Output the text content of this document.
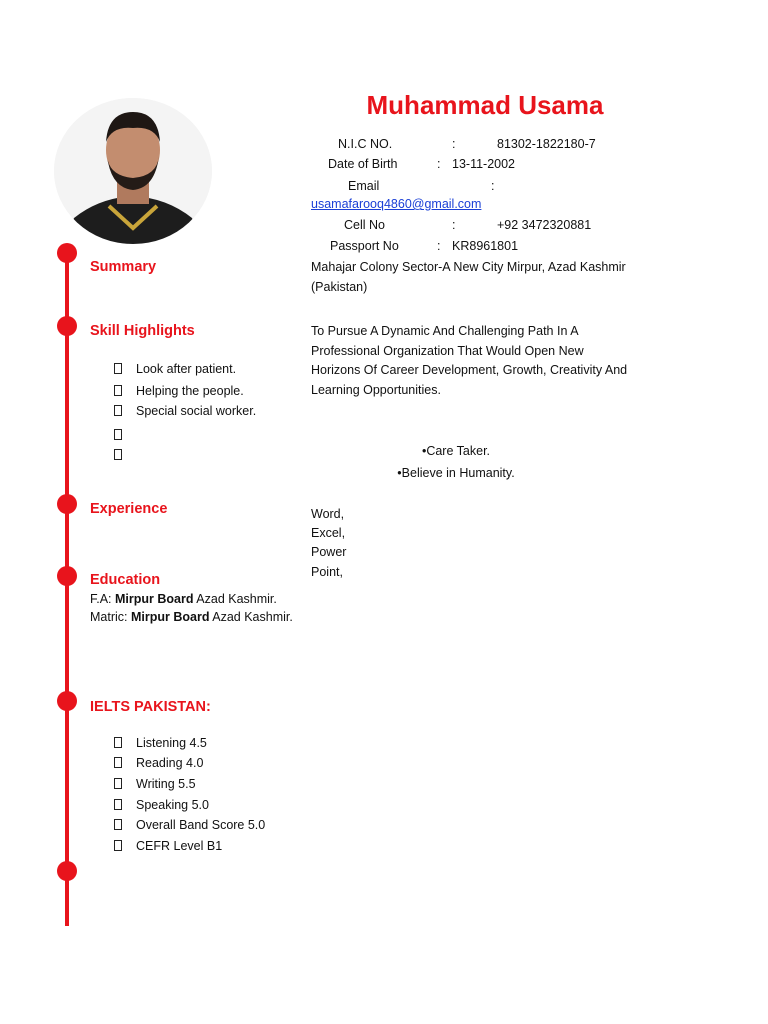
Muhammad Usama
N.I.C NO.	:	81302-1822180-7
Date of Birth	: 13-11-2002
Email	:
usamafarooq4860@gmail.com
Cell No	:	+92 3472320881
Passport No	: KR8961801
Mahajar Colony Sector-A New City Mirpur, Azad Kashmir
(Pakistan)
Summary
Skill Highlights
Experience
Education
IELTS PAKISTAN:
To Pursue A Dynamic And Challenging Path In A
Professional Organization That Would Open New
Horizons Of Career Development, Growth, Creativity And
Learning Opportunities.
Look after patient.
Helping the people.
Special social worker.
•Care Taker.
•Believe in Humanity.
Word,
Excel,
Power
Point,
F.A: Mirpur Board Azad Kashmir.
Matric: Mirpur Board Azad Kashmir.
Listening 4.5
Reading 4.0
Writing 5.5
Speaking 5.0
Overall Band Score 5.0
CEFR Level B1
